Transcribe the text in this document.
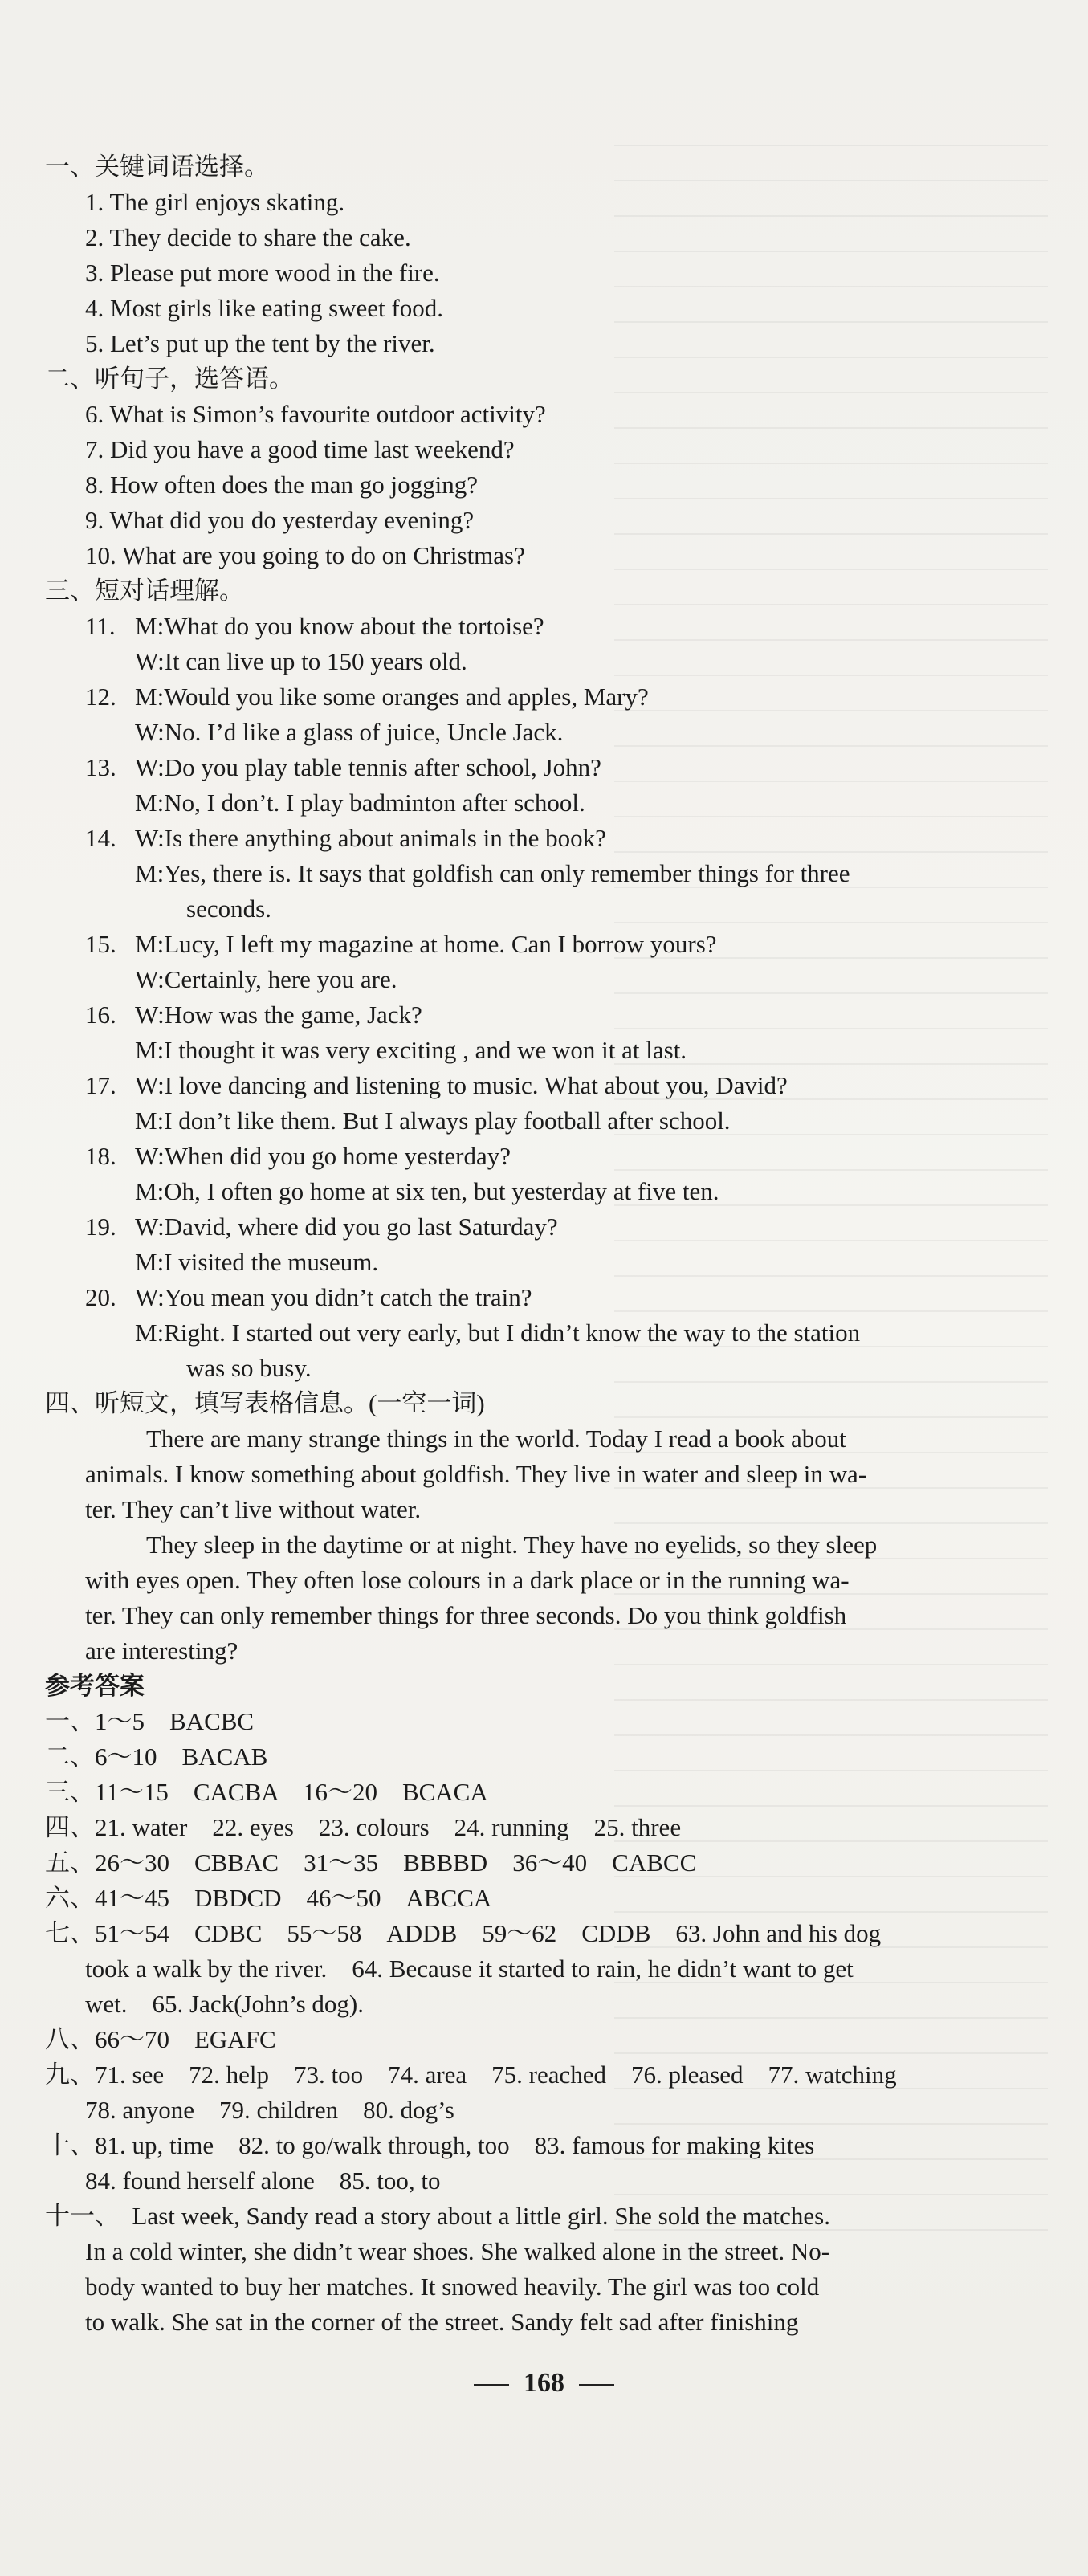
一、关键词语选择。
1. The girl enjoys skating.
2. They decide to share the cake.
3. Please put more wood in the fire.
4. Most girls like eating sweet food.
5. Let’s put up the tent by the river.
二、听句子，选答语。
6. What is Simon’s favourite outdoor activity?
7. Did you have a good time last weekend?
8. How often does the man go jogging?
9. What did you do yesterday evening?
10. What are you going to do on Christmas?
三、短对话理解。
11. M:What do you know about the tortoise?
W:It can live up to 150 years old.
12. M:Would you like some oranges and apples, Mary?
W:No. I’d like a glass of juice, Uncle Jack.
13. W:Do you play table tennis after school, John?
M:No, I don’t. I play badminton after school.
14. W:Is there anything about animals in the book?
M:Yes, there is. It says that goldfish can only remember things for three
seconds.
15. M:Lucy, I left my magazine at home. Can I borrow yours?
W:Certainly, here you are.
16. W:How was the game, Jack?
M:I thought it was very exciting , and we won it at last.
17. W:I love dancing and listening to music. What about you, David?
M:I don’t like them. But I always play football after school.
18. W:When did you go home yesterday?
M:Oh, I often go home at six ten, but yesterday at five ten.
19. W:David, where did you go last Saturday?
M:I visited the museum.
20. W:You mean you didn’t catch the train?
M:Right. I started out very early, but I didn’t know the way to the station
was so busy.
四、听短文，填写表格信息。(一空一词)
There are many strange things in the world. Today I read a book about
animals. I know something about goldfish. They live in water and sleep in wa-
ter. They can’t live without water.
They sleep in the daytime or at night. They have no eyelids, so they sleep
with eyes open. They often lose colours in a dark place or in the running wa-
ter. They can only remember things for three seconds. Do you think goldfish
are interesting?
参考答案
一、1～5　BACBC
二、6～10　BACAB
三、11～15　CACBA　16～20　BCACA
四、21. water　22. eyes　23. colours　24. running　25. three
五、26～30　CBBAC　31～35　BBBBD　36～40　CABCC
六、41～45　DBDCD　46～50　ABCCA
七、51～54　CDBC　55～58　ADDB　59～62　CDDB　63. John and his dog
took a walk by the river.　64. Because it started to rain, he didn’t want to get
wet.　65. Jack(John’s dog).
八、66～70　EGAFC
九、71. see　72. help　73. too　74. area　75. reached　76. pleased　77. watching
78. anyone　79. children　80. dog’s
十、81. up, time　82. to go/walk through, too　83. famous for making kites
84. found herself alone　85. too, to
十一、　Last week, Sandy read a story about a little girl. She sold the matches.
In a cold winter, she didn’t wear shoes. She walked alone in the street. No-
body wanted to buy her matches. It snowed heavily. The girl was too cold
to walk. She sat in the corner of the street. Sandy felt sad after finishing
168
